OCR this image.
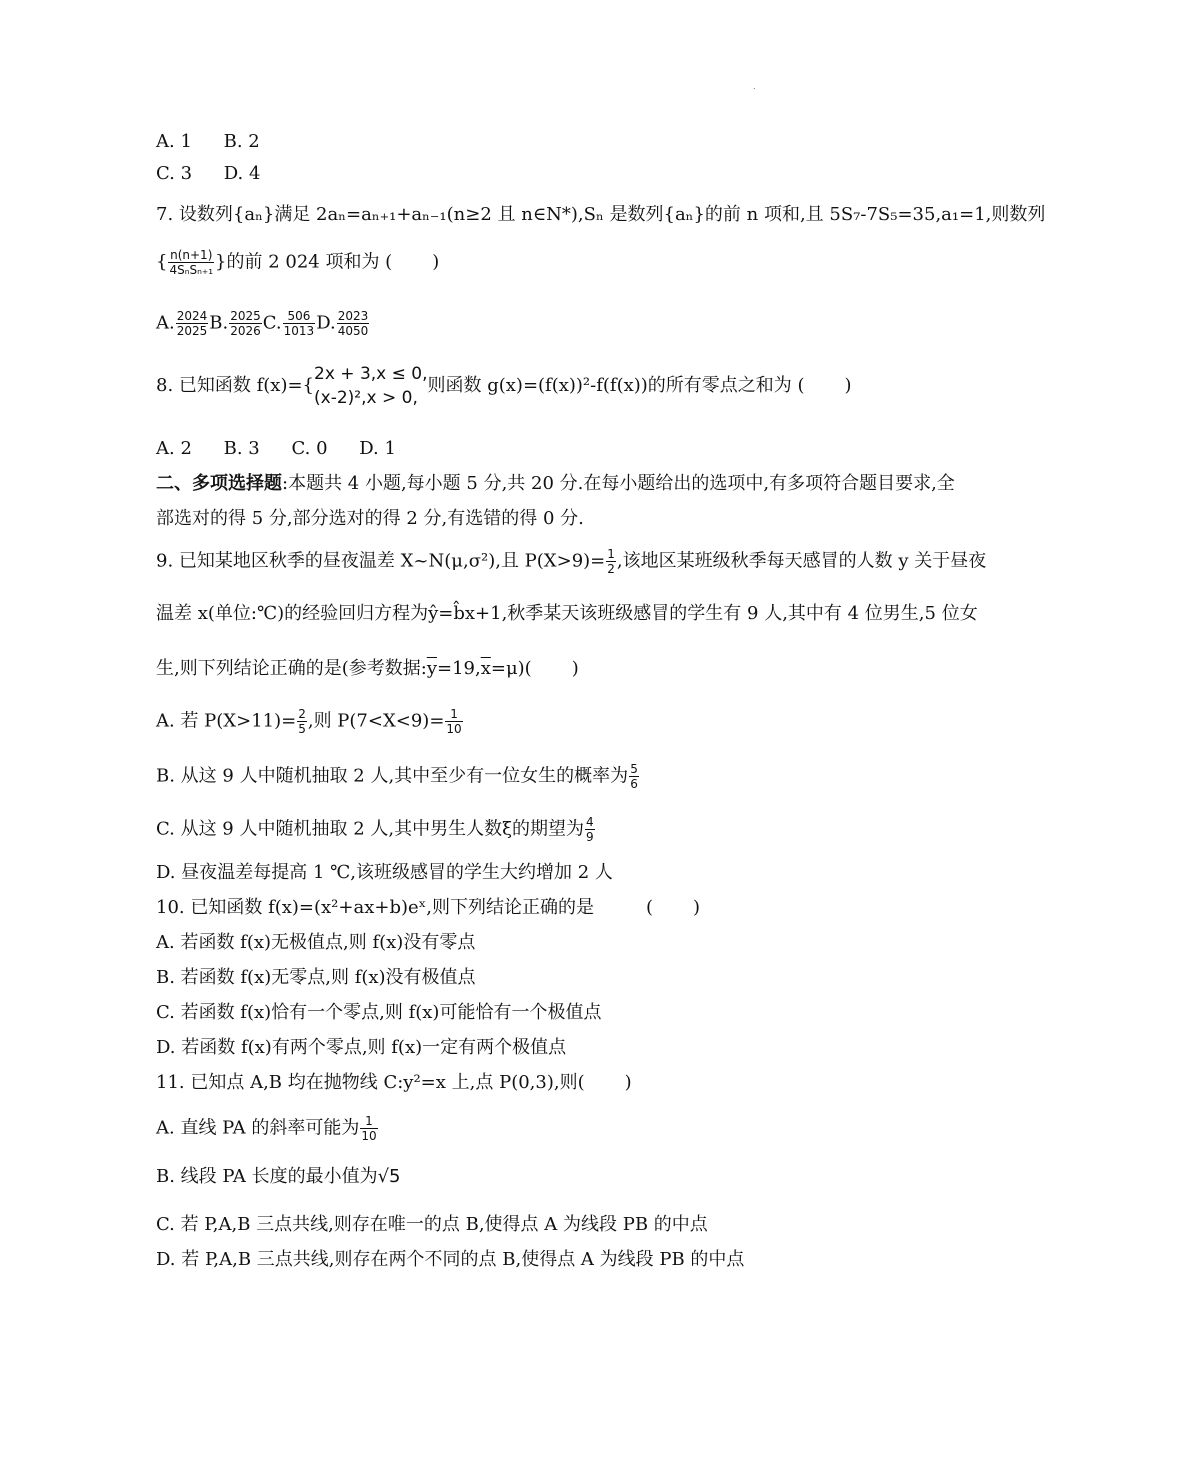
.
A. 1 B. 2
C. 3 D. 4
7. 设数列{aₙ}满足 2aₙ=aₙ₊₁+aₙ₋₁(n≥2 且 n∈N*),Sₙ 是数列{aₙ}的前 n 项和,且 5S₇-7S₅=35,a₁=1,则数列
{ $\frac{n(n+1)}{\text{4SₙSₙ₊₁}}$ }的前 2 024 项和为 ( )
A. $\frac{2024}{2025} B$. $\frac{2025}{2026} C$. $\frac{506}{1013} D$. $\frac{2023}{4050}$
8. 已知函数 f(x)={
2x + 3,x ≤ 0,
(x-2)²,x > 0,
则函数 g(x)=(f(x))²-f(f(x))的所有零点之和为 ( )
A. 2 B. 3 C. 0 D. 1
二、多项选择题:本题共 4 小题,每小题 5 分,共 20 分.在每小题给出的选项中,有多项符合题目要求,全
部选对的得 5 分,部分选对的得 2 分,有选错的得 0 分.
9. 已知某地区秋季的昼夜温差 X~N(μ,σ²),且 $P(X>9)= \frac{1}{2}$ ,该地区某班级秋季每天感冒的人数 y 关于昼夜
温差 x(单位:℃)的经验回归方程为ŷ=b̂x+1,秋季某天该班级感冒的学生有 9 人,其中有 4 位男生,5 位女
生,则下列结论正确的是(参考数据$:\overline{y}=19,\overline{x}=\mu$)( )
A. 若 $P(X>11)= \frac{2}{5}$ ,则 $P(7<X<9)= \frac{1}{10}$
B. 从这 9 人中随机抽取 2 人,其中至少有一位女生的概率为 $\frac{5}{6}$
C. 从这 9 人中随机抽取 2 人,其中男生人数ξ的期望为 $\frac{4}{9}$
D. 昼夜温差每提高 1 ℃,该班级感冒的学生大约增加 2 人
10. 已知函数 f(x)=(x²+ax+b)eˣ,则下列结论正确的是	( )
A. 若函数 f(x)无极值点,则 f(x)没有零点
B. 若函数 f(x)无零点,则 f(x)没有极值点
C. 若函数 f(x)恰有一个零点,则 f(x)可能恰有一个极值点
D. 若函数 f(x)有两个零点,则 f(x)一定有两个极值点
11. 已知点 A,B 均在抛物线 C:y²=x 上,点 P(0,3),则( )
A. 直线 PA 的斜率可能为 $\frac{1}{10}$
B. 线段 PA 长度的最小值为√5
C. 若 P,A,B 三点共线,则存在唯一的点 B,使得点 A 为线段 PB 的中点
D. 若 P,A,B 三点共线,则存在两个不同的点 B,使得点 A 为线段 PB 的中点
